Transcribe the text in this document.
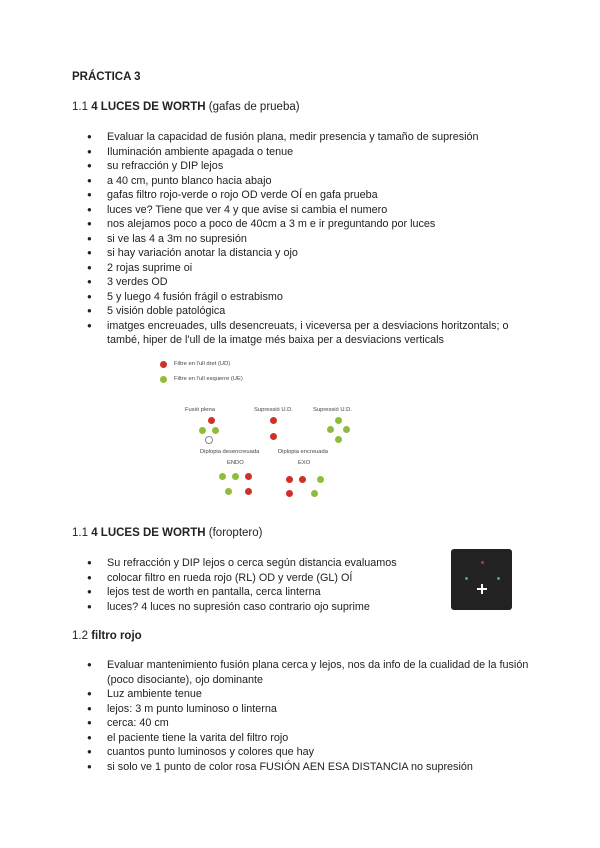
PRÁCTICA 3
1.1 4 LUCES DE WORTH (gafas de prueba)
● Evaluar la capacidad de fusión plana, medir presencia y tamaño de supresión
● Iluminación ambiente apagada o tenue
● su refracción y DIP lejos
● a 40 cm, punto blanco hacia abajo
● gafas filtro rojo-verde o rojo OD verde OÍ en gafa prueba
● luces ve? Tiene que ver 4 y que avise si cambia el numero
● nos alejamos poco a poco de 40cm a 3 m e ir preguntando por luces
● si ve las 4 a 3m no supresión
● si hay variación anotar la distancia y ojo
● 2 rojas suprime oi
● 3 verdes OD
● 5 y luego 4 fusión frágil o estrabismo
● 5 visión doble patológica
● imatges encreuades, ulls desencreuats, i viceversa per a desviacions horitzontals; o també, hiper de l'ull de la imatge més baixa per a desviacions verticals
Filtre en l'ull dret (UD)
Filtre en l'ull esquerre (UE)
Fusió plena	Supressió U.D.	Supressió U.D.
Diplopia desencreuada	Diplopia encreuada
ENDO	EXO
1.1 4 LUCES DE WORTH (foroptero)
● Su refracción y DIP lejos o cerca según distancia evaluamos
● colocar filtro en rueda rojo (RL) OD y verde (GL) OÍ
● lejos test de worth en pantalla, cerca linterna
● luces? 4 luces no supresión caso contrario ojo suprime
1.2 filtro rojo
● Evaluar mantenimiento fusión plana cerca y lejos, nos da info de la cualidad de la fusión (poco disociante), ojo dominante
● Luz ambiente tenue
● lejos: 3 m punto luminoso o linterna
● cerca: 40 cm
● el paciente tiene la varita del filtro rojo
● cuantos punto luminosos y colores que hay
● si solo ve 1 punto de color rosa FUSIÓN AEN ESA DISTANCIA no supresión
